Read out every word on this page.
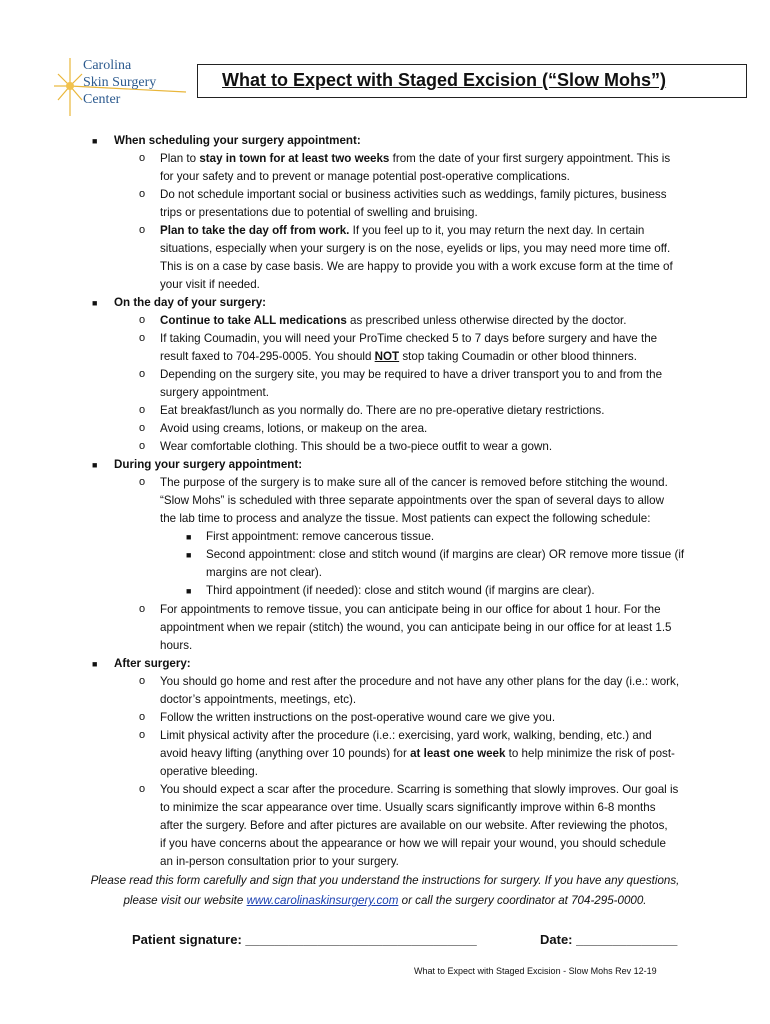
Carolina
Skin Surgery
Center
What to Expect with Staged Excision (“Slow Mohs”)
■ When scheduling your surgery appointment:
o Plan to stay in town for at least two weeks from the date of your first surgery appointment. This is
for your safety and to prevent or manage potential post-operative complications.
o Do not schedule important social or business activities such as weddings, family pictures, business
trips or presentations due to potential of swelling and bruising.
o Plan to take the day off from work. If you feel up to it, you may return the next day. In certain
situations, especially when your surgery is on the nose, eyelids or lips, you may need more time off.
This is on a case by case basis. We are happy to provide you with a work excuse form at the time of
your visit if needed.
■ On the day of your surgery:
o Continue to take ALL medications as prescribed unless otherwise directed by the doctor.
o If taking Coumadin, you will need your ProTime checked 5 to 7 days before surgery and have the
result faxed to 704-295-0005. You should NOT stop taking Coumadin or other blood thinners.
o Depending on the surgery site, you may be required to have a driver transport you to and from the
surgery appointment.
o Eat breakfast/lunch as you normally do. There are no pre-operative dietary restrictions.
o Avoid using creams, lotions, or makeup on the area.
o Wear comfortable clothing. This should be a two-piece outfit to wear a gown.
■ During your surgery appointment:
o The purpose of the surgery is to make sure all of the cancer is removed before stitching the wound.
“Slow Mohs” is scheduled with three separate appointments over the span of several days to allow
the lab time to process and analyze the tissue. Most patients can expect the following schedule:
■ First appointment: remove cancerous tissue.
■ Second appointment: close and stitch wound (if margins are clear) OR remove more tissue (if
margins are not clear).
■ Third appointment (if needed): close and stitch wound (if margins are clear).
o For appointments to remove tissue, you can anticipate being in our office for about 1 hour. For the
appointment when we repair (stitch) the wound, you can anticipate being in our office for at least 1.5
hours.
■ After surgery:
o You should go home and rest after the procedure and not have any other plans for the day (i.e.: work,
doctor’s appointments, meetings, etc).
o Follow the written instructions on the post-operative wound care we give you.
o Limit physical activity after the procedure (i.e.: exercising, yard work, walking, bending, etc.) and
avoid heavy lifting (anything over 10 pounds) for at least one week to help minimize the risk of post-
operative bleeding.
o You should expect a scar after the procedure. Scarring is something that slowly improves. Our goal is
to minimize the scar appearance over time. Usually scars significantly improve within 6-8 months
after the surgery. Before and after pictures are available on our website. After reviewing the photos,
if you have concerns about the appearance or how we will repair your wound, you should schedule
an in-person consultation prior to your surgery.
Please read this form carefully and sign that you understand the instructions for surgery. If you have any questions,
please visit our website www.carolinaskinsurgery.com or call the surgery coordinator at 704-295-0000.
Patient signature: ________________________________	Date: ______________
What to Expect with Staged Excision - Slow Mohs Rev 12-19
